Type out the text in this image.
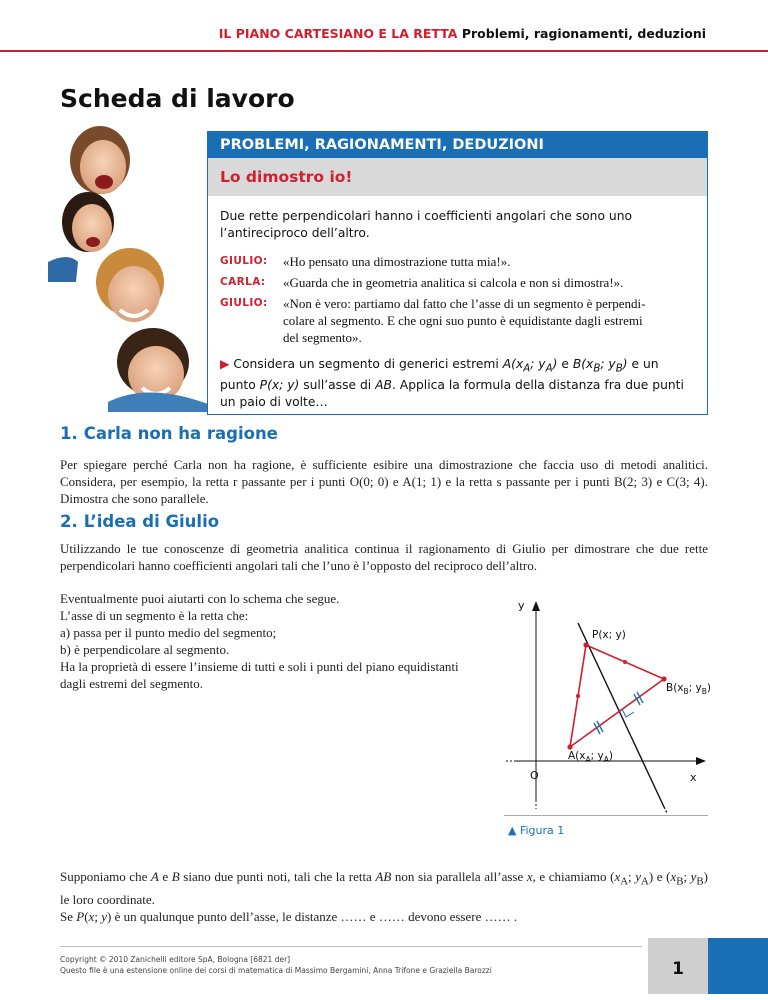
IL PIANO CARTESIANO E LA RETTA Problemi, ragionamenti, deduzioni
Scheda di lavoro
PROBLEMI, RAGIONAMENTI, DEDUZIONI
Lo dimostro io!
Due rette perpendicolari hanno i coefficienti angolari che sono uno l’antireciproco dell’altro.
GIULIO:	«Ho pensato una dimostrazione tutta mia!».
CARLA:	«Guarda che in geometria analitica si calcola e non si dimostra!».
GIULIO:	«Non è vero: partiamo dal fatto che l’asse di un segmento è perpendi-
colare al segmento. E che ogni suo punto è equidistante dagli estremi
del segmento».
▶ Considera un segmento di generici estremi $A(x_A$; $y_A$) e $B(x_B$; $y_B$) e un punto P(x; y) sull’asse di AB. Applica la formula della distanza fra due punti un paio di volte…
1. Carla non ha ragione
Per spiegare perché Carla non ha ragione, è sufficiente esibire una dimostrazione che faccia uso di metodi analitici. Considera, per esempio, la retta r passante per i punti O(0; 0) e A(1; 1) e la retta s passante per i punti B(2; 3) e C(3; 4). Dimostra che sono parallele.
2. L’idea di Giulio
Utilizzando le tue conoscenze di geometria analitica continua il ragionamento di Giulio per dimostrare che due rette perpendicolari hanno coefficienti angolari tali che l’uno è l’opposto del reciproco dell’altro.
Eventualmente puoi aiutarti con lo schema che segue.
L’asse di un segmento è la retta che:
a) passa per il punto medio del segmento;
b) è perpendicolare al segmento.
Ha la proprietà di essere l’insieme di tutti e soli i punti del piano equidistanti
dagli estremi del segmento.
y
x
O
P(x; y)
$B(x_B$; $y_B$)
$A(x_A$; $y_A$)
▲ Figura 1
Supponiamo che A e B siano due punti noti, tali che la retta AB non sia parallela all’asse x, e chiamiamo ($x_A$; $y_A$) e ($x_B$; $y_B$) le loro coordinate.
Se P(x; y) è un qualunque punto dell’asse, le distanze …… e …… devono essere …… .
Copyright © 2010 Zanichelli editore SpA, Bologna [6821 der]
Questo file è una estensione online dei corsi di matematica di Massimo Bergamini, Anna Trifone e Graziella Barozzi	1
